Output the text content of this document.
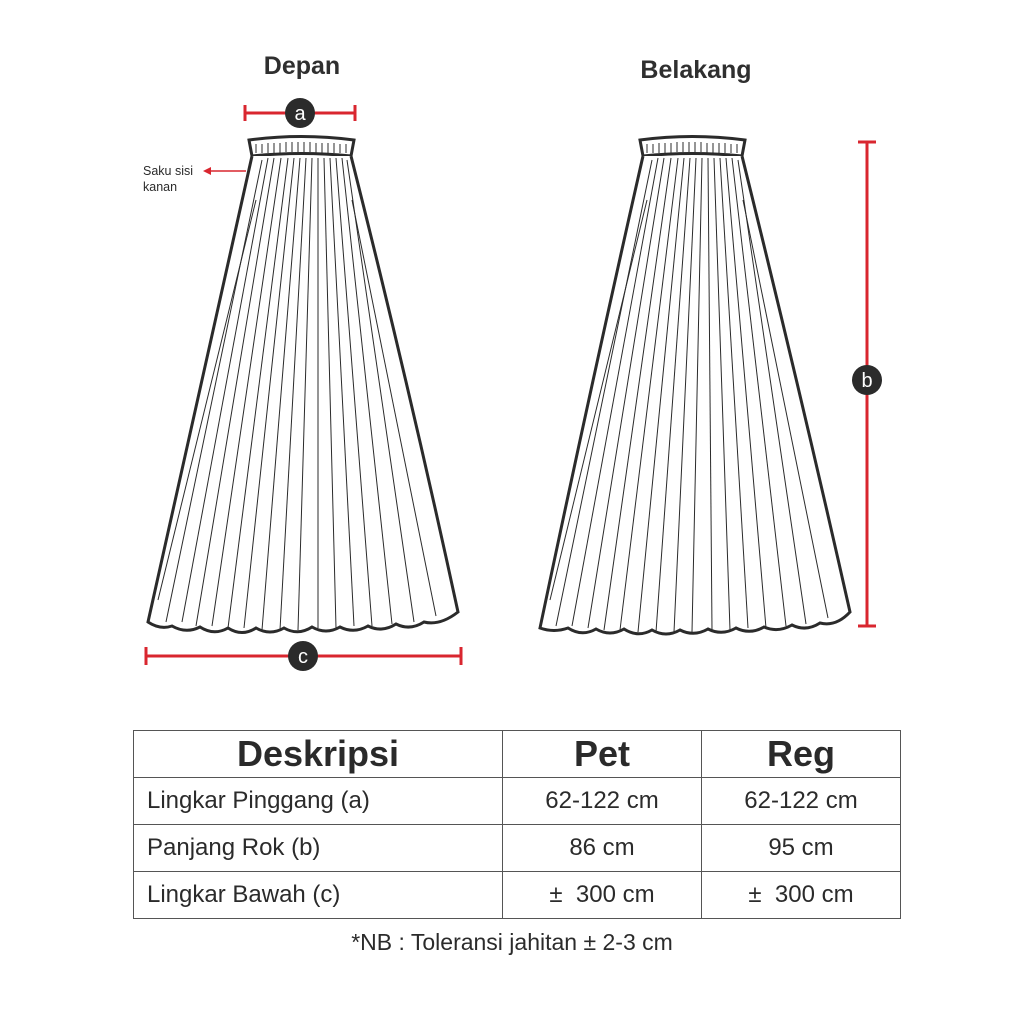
Depan	Belakang
Saku sisi kanan
a
b
c
Deskripsi	Pet	Reg
Lingkar Pinggang (a)	62-122 cm	62-122 cm
Panjang Rok (b)	86 cm	95 cm
Lingkar Bawah (c)	±  300 cm	±  300 cm
*NB : Toleransi jahitan ± 2-3 cm
